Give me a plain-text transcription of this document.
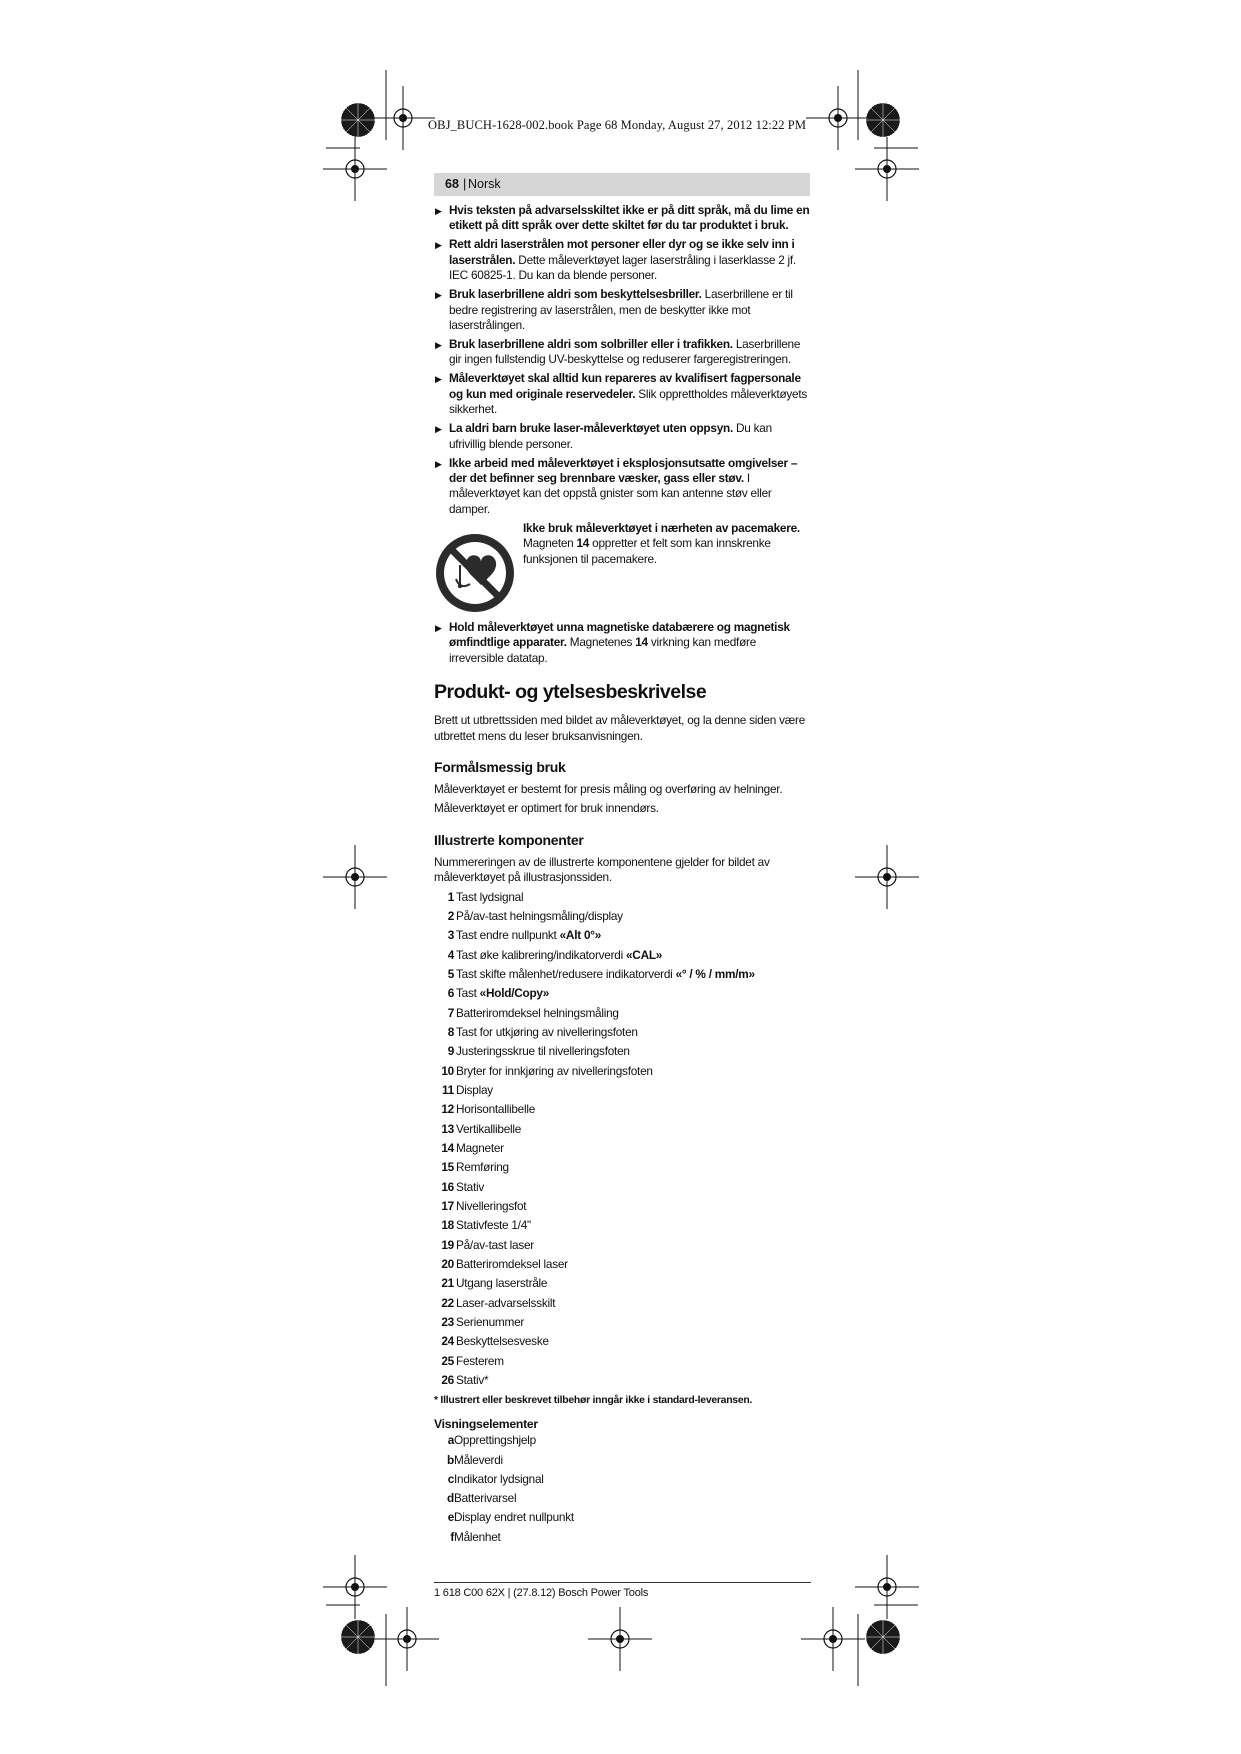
OBJ_BUCH-1628-002.book Page 68 Monday, August 27, 2012 12:22 PM
68 | Norsk
▶ Hvis teksten på advarselsskiltet ikke er på ditt språk, må du lime en etikett på ditt språk over dette skiltet før du tar produktet i bruk.
▶ Rett aldri laserstrålen mot personer eller dyr og se ikke selv inn i laserstrålen. Dette måleverktøyet lager laserstråling i laserklasse 2 jf. IEC 60825-1. Du kan da blende personer.
▶ Bruk laserbrillene aldri som beskyttelsesbriller. Laserbrillene er til bedre registrering av laserstrålen, men de beskytter ikke mot laserstrålingen.
▶ Bruk laserbrillene aldri som solbriller eller i trafikken. Laserbrillene gir ingen fullstendig UV-beskyttelse og reduserer fargeregistreringen.
▶ Måleverktøyet skal alltid kun repareres av kvalifisert fagpersonale og kun med originale reservedeler. Slik opprettholdes måleverktøyets sikkerhet.
▶ La aldri barn bruke laser-måleverktøyet uten oppsyn. Du kan ufrivillig blende personer.
▶ Ikke arbeid med måleverktøyet i eksplosjonsutsatte omgivelser – der det befinner seg brennbare væsker, gass eller støv. I måleverktøyet kan det oppstå gnister som kan antenne støv eller damper.
Ikke bruk måleverktøyet i nærheten av pacemakere. Magneten 14 oppretter et felt som kan innskrenke funksjonen til pacemakere.
▶ Hold måleverktøyet unna magnetiske databærere og magnetisk ømfindtlige apparater. Magnetenes 14 virkning kan medføre irreversible datatap.
Produkt- og ytelsesbeskrivelse

Brett ut utbrettssiden med bildet av måleverktøyet, og la denne siden være utbrettet mens du leser bruksanvisningen.

Formålsmessig bruk

Måleverktøyet er bestemt for presis måling og overføring av helninger.

Måleverktøyet er optimert for bruk innendørs.

Illustrerte komponenter

Nummereringen av de illustrerte komponentene gjelder for bildet av måleverktøyet på illustrasjonssiden.

1 Tast lydsignal
2 På/av-tast helningsmåling/display
3 Tast endre nullpunkt «Alt 0°»
4 Tast øke kalibrering/indikatorverdi «CAL»
5 Tast skifte målenhet/redusere indikatorverdi «° / % / mm/m»
6 Tast «Hold/Copy»
7 Batteriromdeksel helningsmåling
8 Tast for utkjøring av nivelleringsfoten
9 Justeringsskrue til nivelleringsfoten
10 Bryter for innkjøring av nivelleringsfoten
11 Display
12 Horisontallibelle
13 Vertikallibelle
14 Magneter
15 Remføring
16 Stativ
17 Nivelleringsfot
18 Stativfeste 1/4"
19 På/av-tast laser
20 Batteriromdeksel laser
21 Utgang laserstråle
22 Laser-advarselsskilt
23 Serienummer
24 Beskyttelsesveske
25 Festerem
26 Stativ*
* Illustrert eller beskrevet tilbehør inngår ikke i standard-leveransen.
Visningselementer
a Opprettingshjelp
b Måleverdi
c Indikator lydsignal
d Batterivarsel
e Display endret nullpunkt
f Målenhet
1 618 C00 62X | (27.8.12) Bosch Power Tools
